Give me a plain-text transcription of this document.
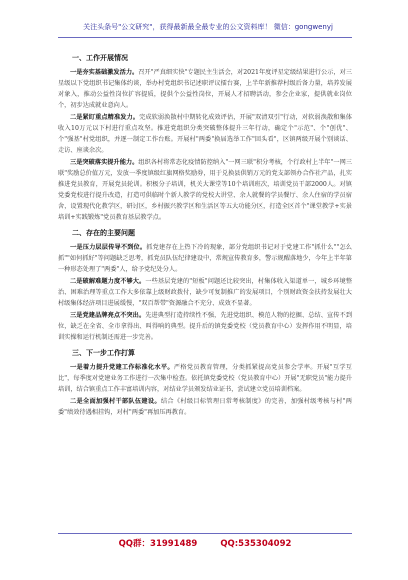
关注头条号"公文研究"，获得最新最全最专业的公文资料库！ 微信：gongwenyj
一、工作开展情况

一是夯实基础激发活力。召开"严真细实快"专题民主生活会，对2021年度评星定级结果进行公示，对三星级以下党组织书记集体约谈，举办村党组织书记述职评议擂台赛，上半年新推荐村级后备力量，培养发展对象入，推动公益性岗位扩容提质，提供个公益性岗位，开展人才招聘活动，参会企业家，提供就业岗位个，初步达成就业意向人。

二是紧盯重点精准发力。完成软弱涣散村中期转化成效评估，开展"双清双引"行动，对软弱涣散和集体收入10万元以下村进行重点攻坚。推进党组织分类突破整体提升三年行动，确定个"示范"、个"创优"、个"强基"村党组织，并逐一制定工作台账。开展村"两委"换届选举工作"回头看"，区镇两级开展个别谈话、走访、座谈余次。

三是突破落实提升能力。组织各村将常态化疫情防控纳入"一网三联"积分考核，个行政村上半年"一网三联"奖励总价值万元，发放一季度镇级红旗网格奖励券，用于兑换县供销万元的党支部领办合作社产品，扎实推进党员教育，开展党员轮训。积极分子培训，机关大课堂等10个培训班次，培训党员干部2000人。对镇党委党校进行提升改造，打造可供临时个新人教学的党校大讲堂、余人就餐的学员餐厅、余人住宿的学员宿舍，设置现代化教学区，研讨区，乡村振兴教学区和生活区等五大功能分区，打造全区首个"课堂教学+实景培训+实践锻炼"党员教育基层教学点。

二、存在的主要问题

一是压力层层传导不到位。抓党建存在上热下冷的现象，部分党组织书记对于党建工作"抓什么""怎么抓""如何抓好"等问题缺乏思考，抓党员队伍纪律建设中，常规宣传教育多，警示规醒落地少，今年上半年第一种形态处理了"两委"人，给予党纪处分人。

二是破解难题力度不够大。一些基层党建的"短板"问题还比较突出，村集体收入渠道单一，城乡环境整治、困难治理等重点工作大多依靠上级财政拨付，缺少可复制推广的发展项目，个别财政资金扶持发展壮大村级集体经济项目进展缓慢，"双百帮带"资源融合不充分、成效不显著。

三是党建品牌亮点不突出。先进典型打造持续性不强，先进党组织、模范人物的挖掘、总结、宣传不到位，缺乏在全省、全市拿得出、叫得响的典型。提升后的镇党委党校（党员教育中心）发挥作用不明显，培训实操和运行机制还需进一步完善。

三、下一步工作打算

一是着力提升党建工作标准化水平。严格党员教育管理，分类抓紧提高党员参会学率。开展"互学互比"，每季度对党建业务工作进行一次集中检查。依托镇党委党校（党员教育中心）开展"无职党员"能力提升培训，结合镇重点工作丰富培训内容，对结业学员颁发结业证书，尝试建立党员培训档案。

二是全面加强村干部队伍建设。结合《村级目标管理日常考核制度》的完善，加强村级考核与村"两委"绩效待遇相挂钩，对村"两委"再加压再教育。

QQ群：31991489	QQ:535304092
